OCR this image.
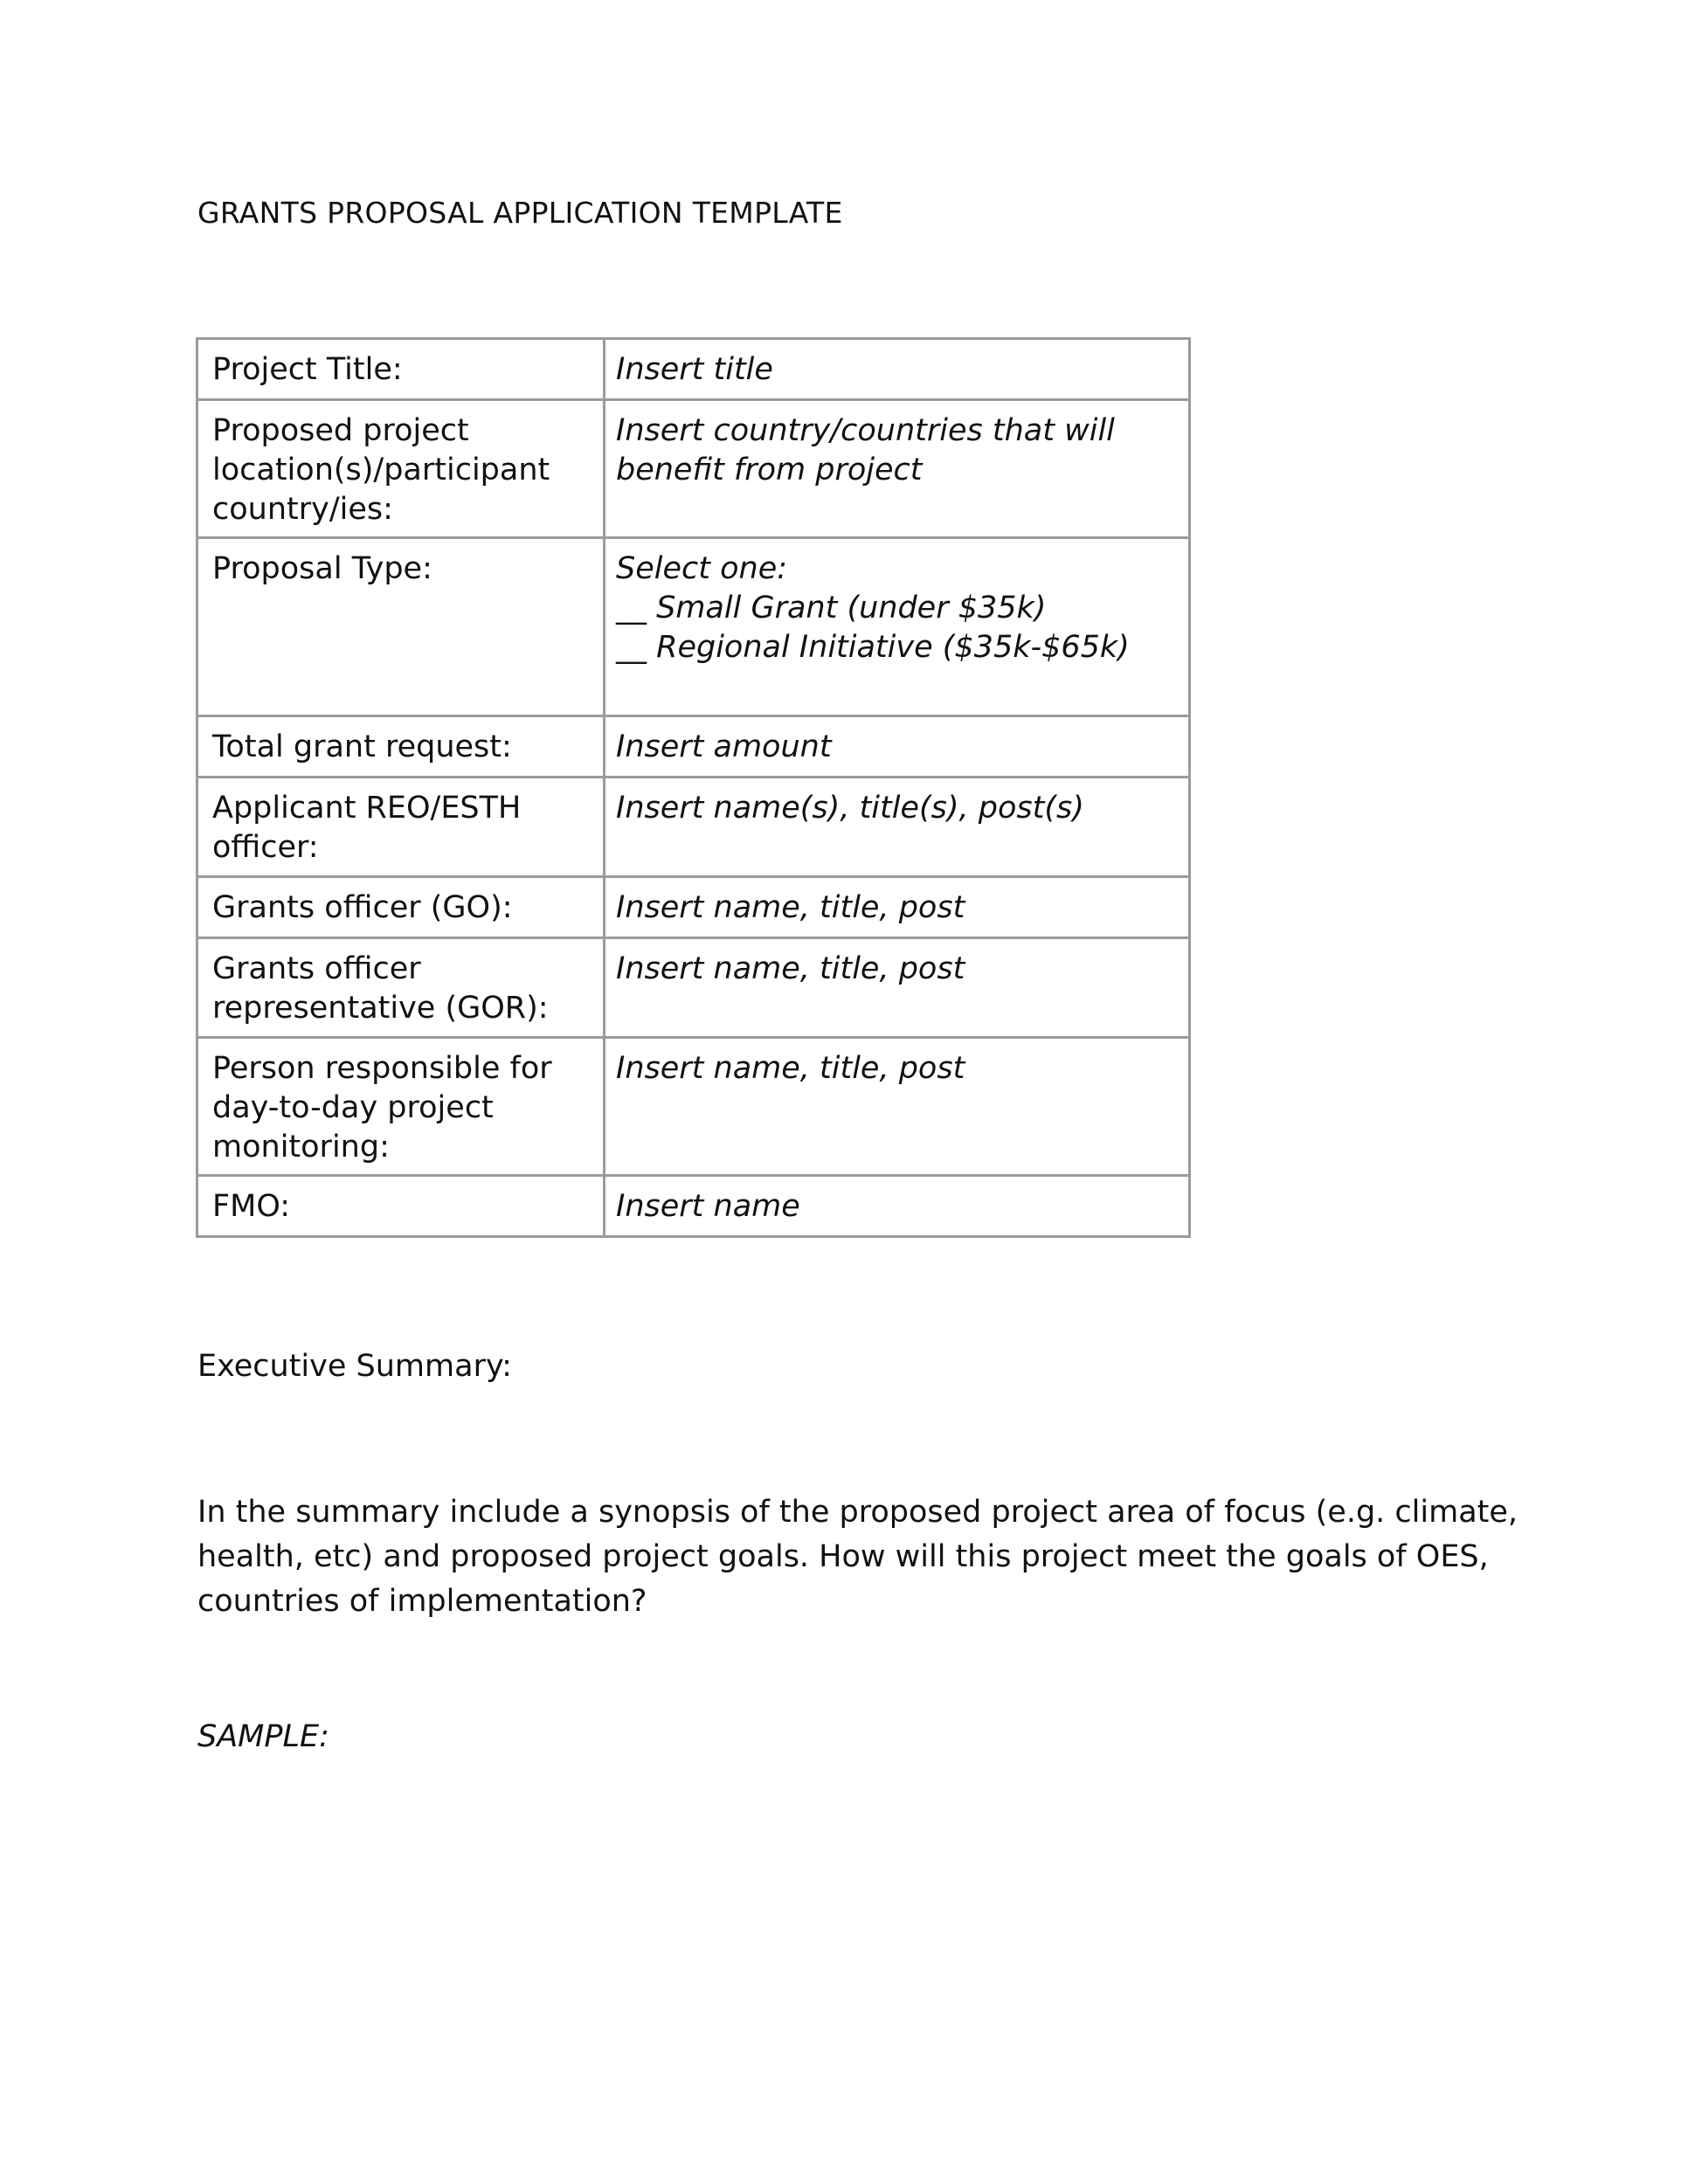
GRANTS PROPOSAL APPLICATION TEMPLATE
Project Title:	Insert title

Proposed project location(s)/participant country/ies:	Insert country/countries that will
benefit from project

Proposal Type:	Select one:
__ Small Grant (under $35k)
__ Regional Initiative ($35k-$65k)

Total grant request:	Insert amount

Applicant REO/ESTH officer:	Insert name(s), title(s), post(s)

Grants officer (GO):	Insert name, title, post

Grants officer representative (GOR):	Insert name, title, post

Person responsible for day-to-day project monitoring:	Insert name, title, post

FMO:	Insert name
Executive Summary:
In the summary include a synopsis of the proposed project area of focus (e.g. climate, health, etc) and proposed project goals. How will this project meet the goals of OES, countries of implementation?
SAMPLE:
